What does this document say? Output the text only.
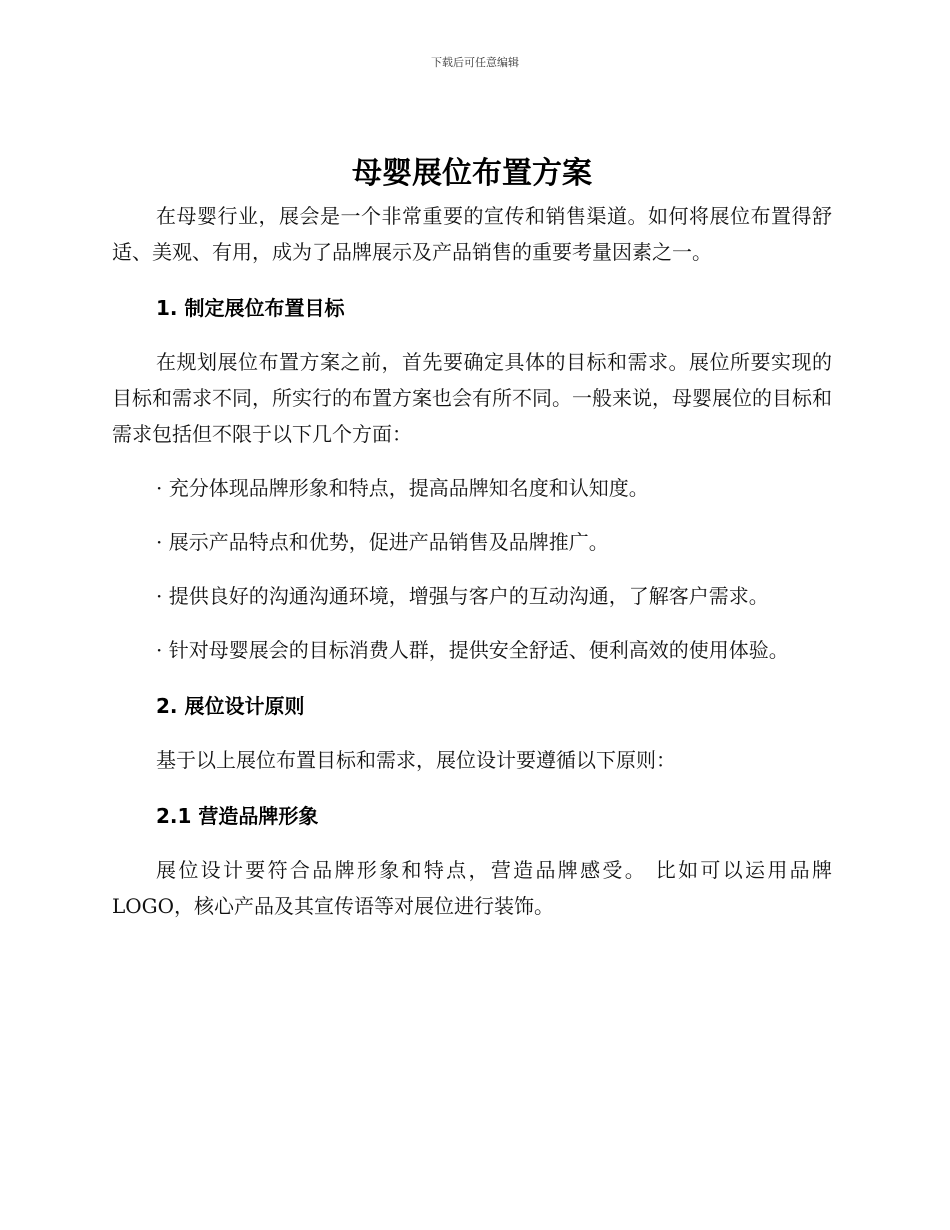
下载后可任意编辑
母婴展位布置方案

在母婴行业，展会是一个非常重要的宣传和销售渠道。如何将展位布置得舒适、美观、有用，成为了品牌展示及产品销售的重要考量因素之一。

1. 制定展位布置目标

在规划展位布置方案之前，首先要确定具体的目标和需求。展位所要实现的目标和需求不同，所实行的布置方案也会有所不同。一般来说，母婴展位的目标和需求包括但不限于以下几个方面：

· 充分体现品牌形象和特点，提高品牌知名度和认知度。

· 展示产品特点和优势，促进产品销售及品牌推广。

· 提供良好的沟通沟通环境，增强与客户的互动沟通，了解客户需求。

· 针对母婴展会的目标消费人群，提供安全舒适、便利高效的使用体验。

2. 展位设计原则

基于以上展位布置目标和需求，展位设计要遵循以下原则：

2.1 营造品牌形象

展位设计要符合品牌形象和特点，营造品牌感受。 比如可以运用品牌LOGO，核心产品及其宣传语等对展位进行装饰。
